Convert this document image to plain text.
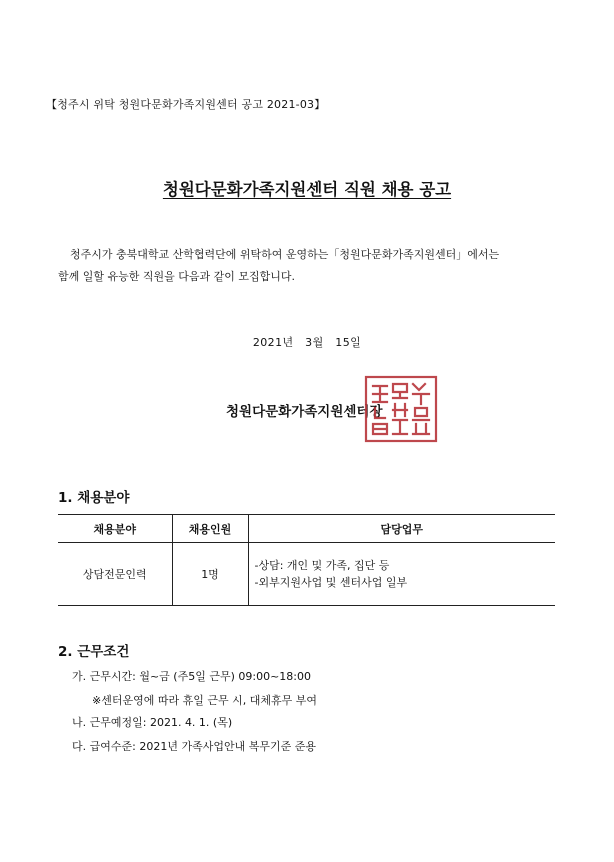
【청주시 위탁 청원다문화가족지원센터 공고 2021-03】
청원다문화가족지원센터 직원 채용 공고

청주시가 충북대학교 산학협력단에 위탁하여 운영하는「청원다문화가족지원센터」에서는

함께 일할 유능한 직원을 다음과 같이 모집합니다.

2021년   3월   15일
청원다문화가족지원센터장
1. 채용분야
채용분야	채용인원	담당업무
상담전문인력	1명	-상담: 개인 및 가족, 집단 등
-외부지원사업 및 센터사업 일부
2. 근무조건
가. 근무시간: 월~금 (주5일 근무) 09:00~18:00
※센터운영에 따라 휴일 근무 시, 대체휴무 부여
나. 근무예정일: 2021. 4. 1. (목)
다. 급여수준: 2021년 가족사업안내 복무기준 준용
